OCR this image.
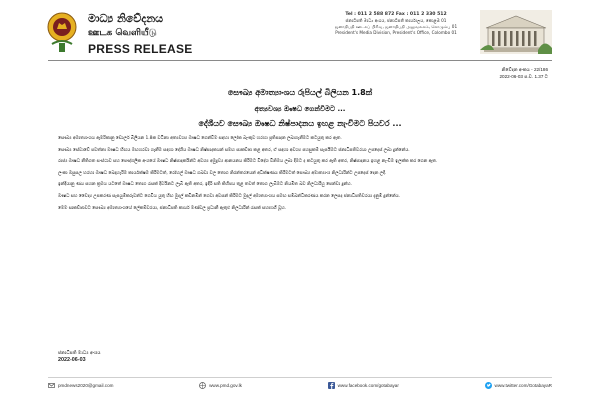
මාධ්‍ය නිවේදනය
ஊடக வெளியீடு
PRESS RELEASE
Tel : 011 2 588 872 Fax : 011 2 330 512
ජනාධිපති මාධ්‍ය අංශය, ජනාධිපති කාර්යාලය, කොළඹ 01
ஜனாதிபதி ஊடகப் பிரிவு, ஜனாதிபதி அலுவலகம், கொழும்பு 01
President's Media Division, President's Office, Colombo 01
නිවේදන අංකය - 22/186
2022-06-03 ප.ව. 1.37 ට
සෞඛ්‍ය අමාත්‍යාංශය රුපියල් බිලියන 1.8ක්
අත්‍යවශ්‍ය ඖෂධ ගෙන්වීමට ...
දේශීයව සෞඛ්‍ය ඖෂධ නිෂ්පාදනය ඉහළ නැංවීමට පියවර ...

සෞඛ්‍ය අමාත්‍යාංශය ඇමරිකානු ඩොලර් බිලියන 1.8ක වටිනා අත්‍යවශ්‍ය ඖෂධ ගෙන්වීම සඳහා ලෝක බැංකුව හරහා ප්‍රතිපාදන ලබාගැනීමට කටයුතු කර ඇත.

සෞඛ්‍ය සේවාවේ පවත්නා ඖෂධ හිඟය මඟහරවා ගැනීම සඳහා දේශීය ඖෂධ නිෂ්පාදකයන් සමඟ සාකච්ඡා කළ අතර, ඒ සඳහා අවශ්‍ය පහසුකම් සැපයීමට ජනාධිපතිවරයා උපදෙස් ලබා දුන්නේය.

රාජ්‍ය ඖෂධ නීතිගත සංස්ථාව සහ පෞද්ගලික අංශයේ ඖෂධ නිෂ්පාදකයින්ට අවශ්‍ය අමුද්‍රව්‍ය ආනයනය කිරීමට විදේශ විනිමය ලබා දීමට ද කටයුතු කර ඇති අතර, නිෂ්පාදනය ඉහළ නැංවීම ඉලක්ක කර ගෙන ඇත.

ලංකා ඔසුසල හරහා ඖෂධ බෙදාහැරීම කාර්යක්ෂම කිරීමටත්, රෝහල් ඖෂධ ගබඩා වල තොග නිරන්තරයෙන් අධීක්ෂණය කිරීමටත් සෞඛ්‍ය අමාත්‍යාංශ නිලධාරීන්ට උපදෙස් දෙන ලදී.

ඉන්දියානු ණය සහන ක්‍රමය යටතේ ඖෂධ තොග රැසක් දිවයිනට ලැබී ඇති අතර, ඉදිරි සති කිහිපය තුළ තවත් තොග ලැබීමට නියමිත බව නිලධාරීහු පෙන්වා දුන්හ.

ඖෂධ සහ වෛද්‍ය උපකරණ සැපයුම්කරුවන්ට ගෙවිය යුතු හිඟ මුදල් කඩිනමින් ගෙවා අවසන් කිරීමට මුදල් අමාත්‍යාංශය සමඟ සම්බන්ධීකරණය කරන ලෙසද ජනාධිපතිවරයා දැනුම් දුන්නේය.

මෙම සාකච්ඡාවට සෞඛ්‍ය අමාත්‍යාංශයේ ලේකම්වරයා, ජනාධිපති කාර්ය මණ්ඩල ප්‍රධානී ඇතුළු නිලධාරීන් රැසක් සහභාගී වූහ.

ජනාධිපති මාධ්‍ය අංශය
2022-06-03
pmdnews2020@gmail.com	www.pmd.gov.lk	www.facebook.com/gotabayar	www.twitter.com/GotabayaR
